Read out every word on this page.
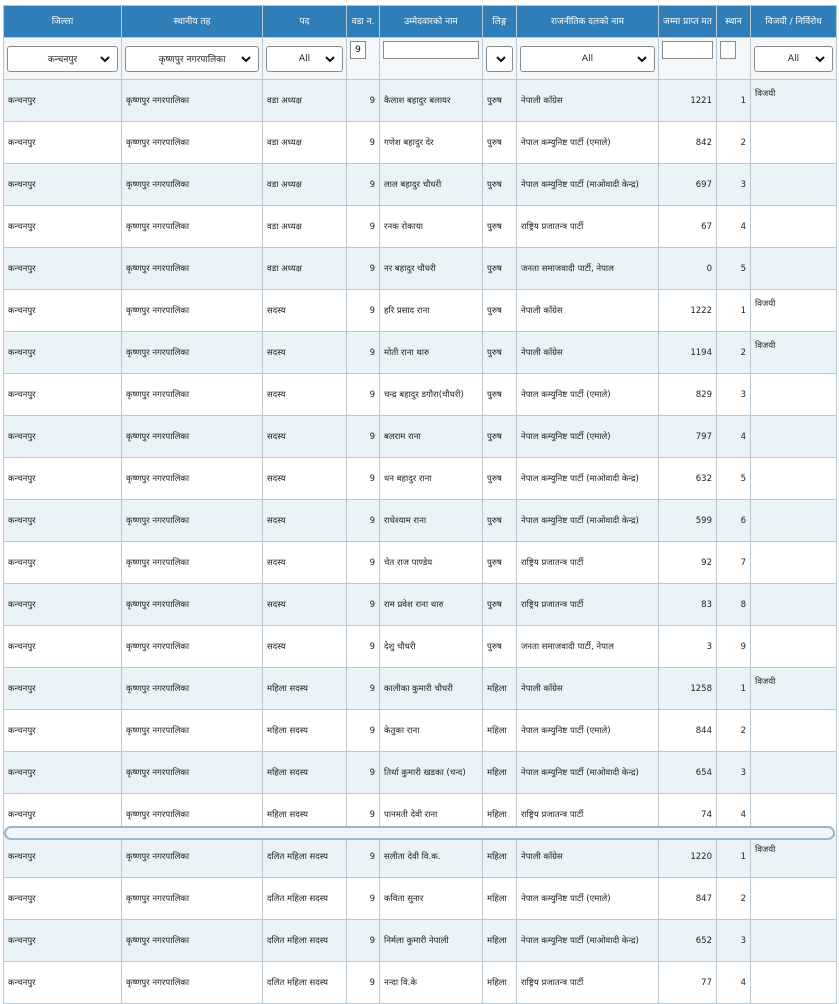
जिल्ला	स्थानीय तह	पद	वडा न.	उम्मेदवारको नाम	लिङ्ग	राजनीतिक दलको नाम	जम्मा प्राप्त मत	स्थान	विजयी / निर्विरोध

कन्चनपुर	कृष्णपुर नगरपालिका	All	9			All			All

कन्चनपुर	कृष्णपुर नगरपालिका	वडा अध्यक्ष	9	कैलाश बहादुर बलायर	पुरुष	नेपाली काँग्रेस	1221	1	विजयी
कन्चनपुर	कृष्णपुर नगरपालिका	वडा अध्यक्ष	9	गणेश बहादुर देर	पुरुष	नेपाल कम्युनिष्ट पार्टी (एमाले)	842	2	
कन्चनपुर	कृष्णपुर नगरपालिका	वडा अध्यक्ष	9	लाल बहादुर चौधरी	पुरुष	नेपाल कम्युनिष्ट पार्टी (माओवादी केन्द्र)	697	3	
कन्चनपुर	कृष्णपुर नगरपालिका	वडा अध्यक्ष	9	रनक रोकाया	पुरुष	राष्ट्रिय प्रजातन्त्र पार्टी	67	4	
कन्चनपुर	कृष्णपुर नगरपालिका	वडा अध्यक्ष	9	नर बहादुर चौधरी	पुरुष	जनता समाजवादी पार्टी, नेपाल	0	5	
कन्चनपुर	कृष्णपुर नगरपालिका	सदस्य	9	हरि प्रसाद राना	पुरुष	नेपाली काँग्रेस	1222	1	विजयी
कन्चनपुर	कृष्णपुर नगरपालिका	सदस्य	9	मोती राना थारु	पुरुष	नेपाली काँग्रेस	1194	2	विजयी
कन्चनपुर	कृष्णपुर नगरपालिका	सदस्य	9	चन्द्र बहादुर डगौरा(चौधरी)	पुरुष	नेपाल कम्युनिष्ट पार्टी (एमाले)	829	3	
कन्चनपुर	कृष्णपुर नगरपालिका	सदस्य	9	बलराम राना	पुरुष	नेपाल कम्युनिष्ट पार्टी (एमाले)	797	4	
कन्चनपुर	कृष्णपुर नगरपालिका	सदस्य	9	धन बहादुर राना	पुरुष	नेपाल कम्युनिष्ट पार्टी (माओवादी केन्द्र)	632	5	
कन्चनपुर	कृष्णपुर नगरपालिका	सदस्य	9	राधेश्याम राना	पुरुष	नेपाल कम्युनिष्ट पार्टी (माओवादी केन्द्र)	599	6	
कन्चनपुर	कृष्णपुर नगरपालिका	सदस्य	9	चेत राज पाण्डेय	पुरुष	राष्ट्रिय प्रजातन्त्र पार्टी	92	7	
कन्चनपुर	कृष्णपुर नगरपालिका	सदस्य	9	राम प्रवेश राना थारु	पुरुष	राष्ट्रिय प्रजातन्त्र पार्टी	83	8	
कन्चनपुर	कृष्णपुर नगरपालिका	सदस्य	9	देशु चौधरी	पुरुष	जनता समाजवादी पार्टी, नेपाल	3	9	
कन्चनपुर	कृष्णपुर नगरपालिका	महिला सदस्य	9	कालीका कुमारी चौधरी	महिला	नेपाली काँग्रेस	1258	1	विजयी
कन्चनपुर	कृष्णपुर नगरपालिका	महिला सदस्य	9	केतुका राना	महिला	नेपाल कम्युनिष्ट पार्टी (एमाले)	844	2	
कन्चनपुर	कृष्णपुर नगरपालिका	महिला सदस्य	9	तिर्था कुमारी खडका (चन्द)	महिला	नेपाल कम्युनिष्ट पार्टी (माओवादी केन्द्र)	654	3	
कन्चनपुर	कृष्णपुर नगरपालिका	महिला सदस्य	9	पानमती देवी राना	महिला	राष्ट्रिय प्रजातन्त्र पार्टी	74	4	
कन्चनपुर	कृष्णपुर नगरपालिका	दलित महिला सदस्य	9	सलीता देवी वि.क.	महिला	नेपाली काँग्रेस	1220	1	विजयी
कन्चनपुर	कृष्णपुर नगरपालिका	दलित महिला सदस्य	9	कविता सुनार	महिला	नेपाल कम्युनिष्ट पार्टी (एमाले)	847	2	
कन्चनपुर	कृष्णपुर नगरपालिका	दलित महिला सदस्य	9	निर्मला कुमारी नेपाली	महिला	नेपाल कम्युनिष्ट पार्टी (माओवादी केन्द्र)	652	3	
कन्चनपुर	कृष्णपुर नगरपालिका	दलित महिला सदस्य	9	नन्दा वि.के	महिला	राष्ट्रिय प्रजातन्त्र पार्टी	77	4	
